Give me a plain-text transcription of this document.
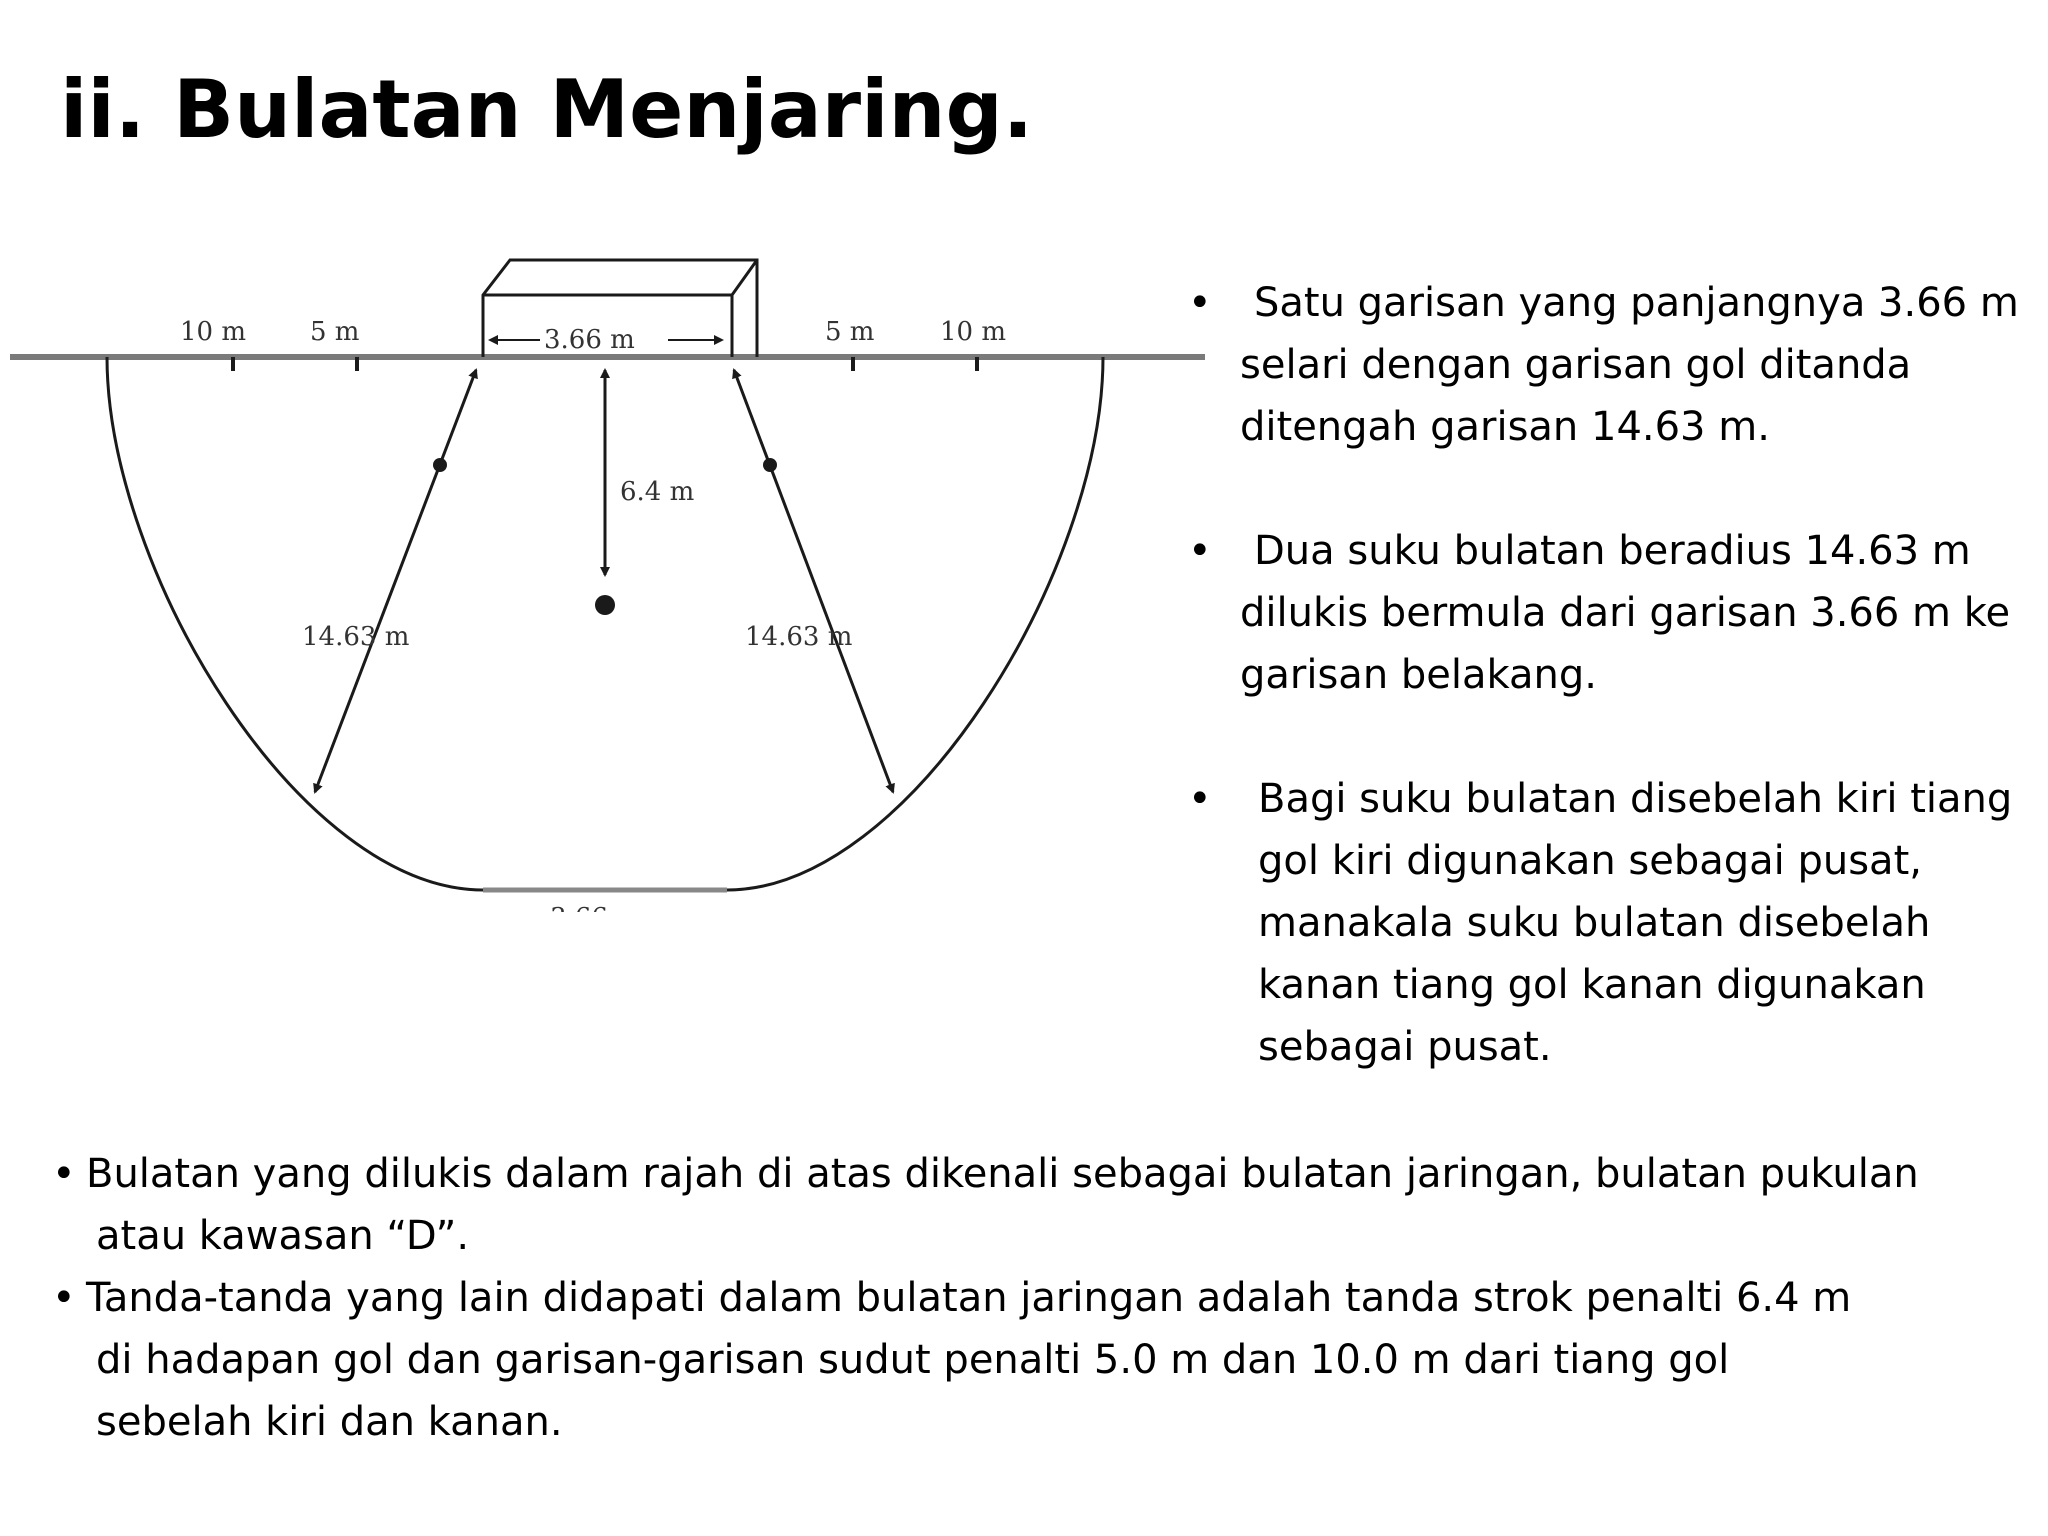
ii. Bulatan Menjaring.
10 m 5 m	5 m	10 m
3.66 m
6.4 m
14.63 m	14.63 m
•	Satu garisan yang panjangnya 3.66 m
selari dengan garisan gol ditanda
ditengah garisan 14.63 m.
•	Dua suku bulatan beradius 14.63 m
dilukis bermula dari garisan 3.66 m ke
garisan belakang.
• Bagi suku bulatan disebelah kiri tiang
gol kiri digunakan sebagai pusat,
manakala suku bulatan disebelah
kanan tiang gol kanan digunakan
sebagai pusat.
• Bulatan yang dilukis dalam rajah di atas dikenali sebagai bulatan jaringan, bulatan pukulan
atau kawasan “D”.
• Tanda-tanda yang lain didapati dalam bulatan jaringan adalah tanda strok penalti 6.4 m
di hadapan gol dan garisan-garisan sudut penalti 5.0 m dan 10.0 m dari tiang gol
sebelah kiri dan kanan.
